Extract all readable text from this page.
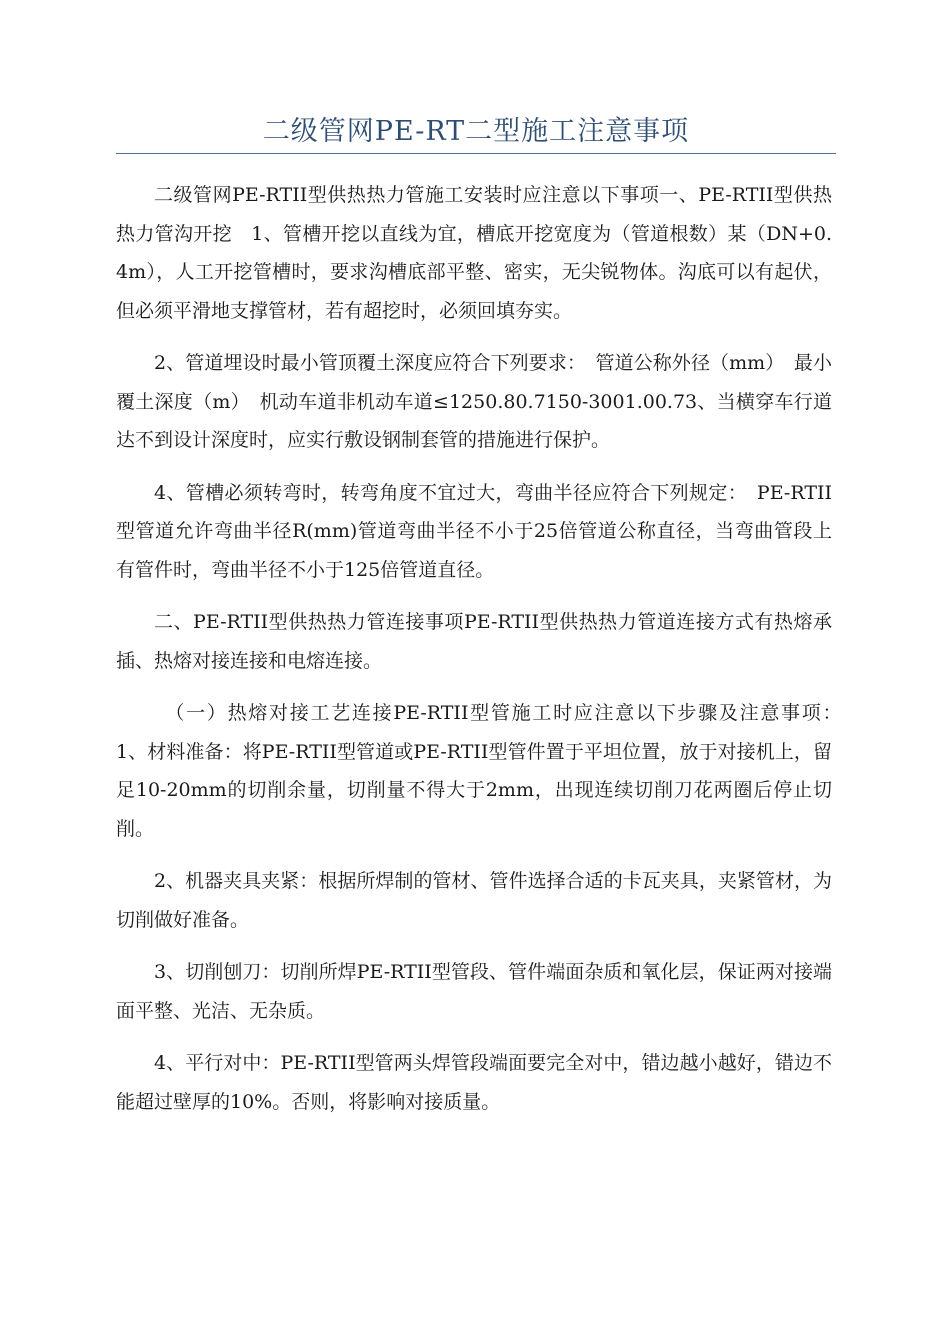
二级管网PE-RT二型施工注意事项

二级管网PE-RTII型供热热力管施工安装时应注意以下事项一、PE-RTII型供热热力管沟开挖　1、管槽开挖以直线为宜，槽底开挖宽度为（管道根数）某（DN+0.4m），人工开挖管槽时，要求沟槽底部平整、密实，无尖锐物体。沟底可以有起伏，但必须平滑地支撑管材，若有超挖时，必须回填夯实。

2、管道埋设时最小管顶覆土深度应符合下列要求：　管道公称外径（mm）　最小覆土深度（m）　机动车道非机动车道≤1250.80.7150-3001.00.73、当横穿车行道达不到设计深度时，应实行敷设钢制套管的措施进行保护。

4、管槽必须转弯时，转弯角度不宜过大，弯曲半径应符合下列规定：　PE-RTII型管道允许弯曲半径R(mm)管道弯曲半径不小于25倍管道公称直径，当弯曲管段上有管件时，弯曲半径不小于125倍管道直径。

二、PE-RTII型供热热力管连接事项PE-RTII型供热热力管道连接方式有热熔承插、热熔对接连接和电熔连接。

（一）热熔对接工艺连接PE-RTII型管施工时应注意以下步骤及注意事项：　1、材料准备：将PE-RTII型管道或PE-RTII型管件置于平坦位置，放于对接机上，留足10-20mm的切削余量，切削量不得大于2mm，出现连续切削刀花两圈后停止切削。

2、机器夹具夹紧：根据所焊制的管材、管件选择合适的卡瓦夹具，夹紧管材，为切削做好准备。

3、切削刨刀：切削所焊PE-RTII型管段、管件端面杂质和氧化层，保证两对接端面平整、光洁、无杂质。

4、平行对中：PE-RTII型管两头焊管段端面要完全对中，错边越小越好，错边不能超过壁厚的10%。否则，将影响对接质量。
